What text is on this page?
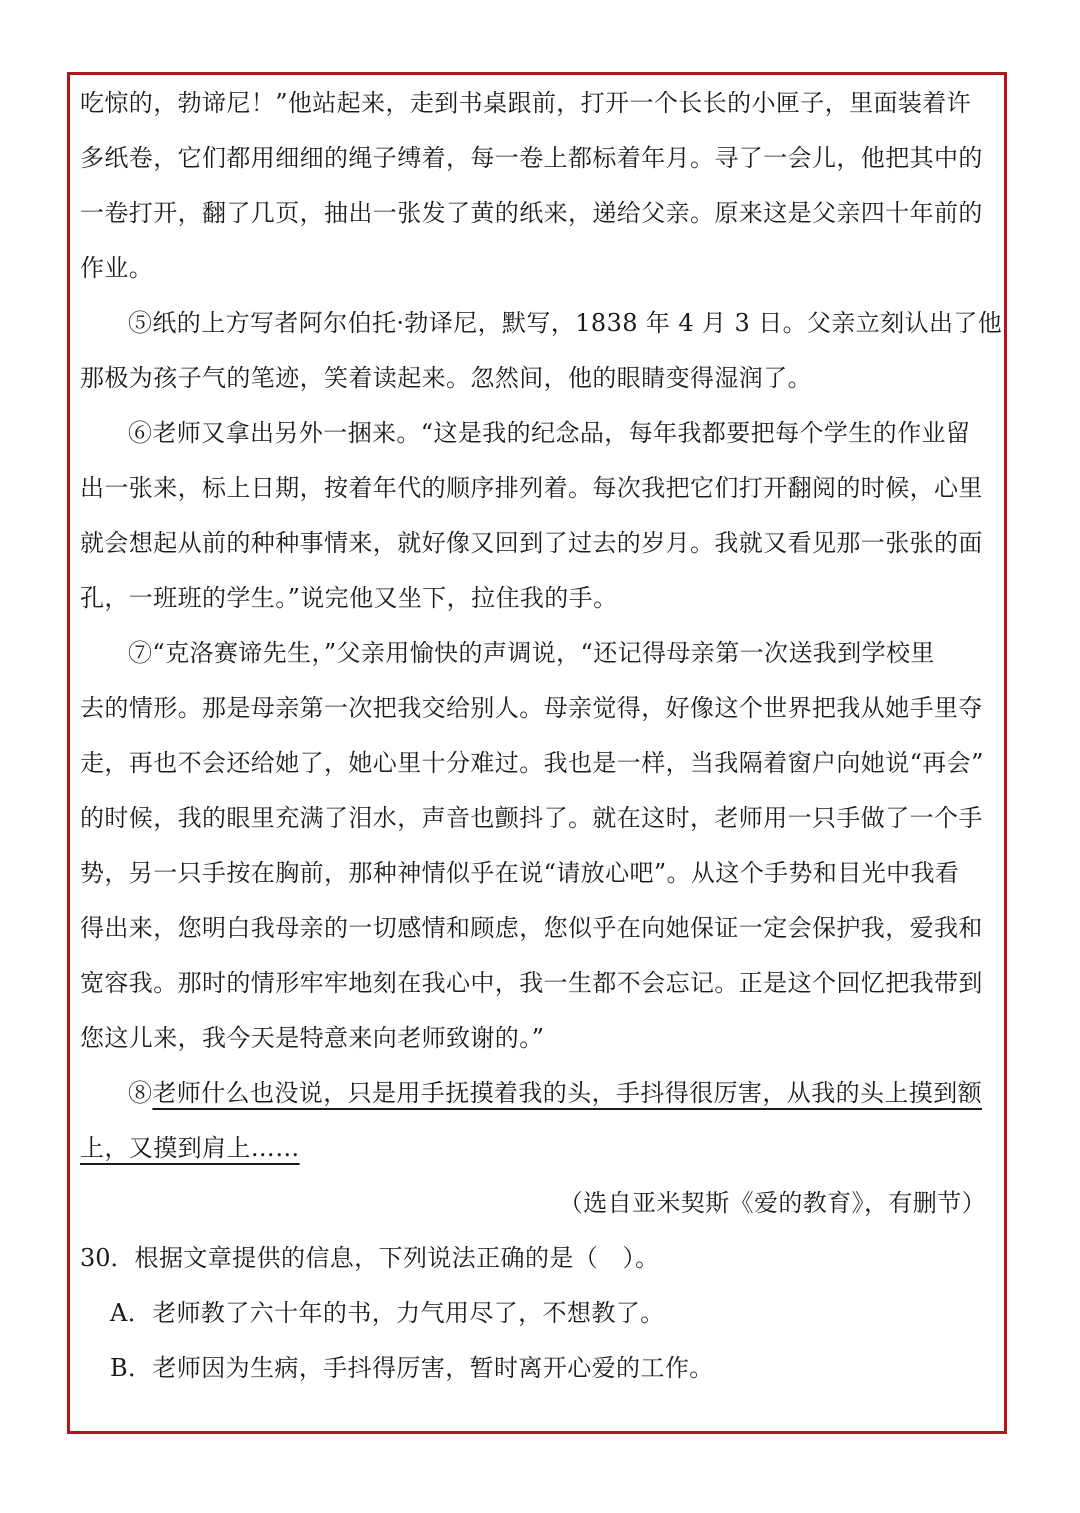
吃惊的，勃谛尼！”他站起来，走到书桌跟前，打开一个长长的小匣子，里面装着许
多纸卷，它们都用细细的绳子缚着，每一卷上都标着年月。寻了一会儿，他把其中的
一卷打开，翻了几页，抽出一张发了黄的纸来，递给父亲。原来这是父亲四十年前的
作业。
⑤纸的上方写者阿尔伯托·勃译尼，默写，1838 年 4 月 3 日。父亲立刻认出了他
那极为孩子气的笔迹，笑着读起来。忽然间，他的眼睛变得湿润了。
⑥老师又拿出另外一捆来。“这是我的纪念品，每年我都要把每个学生的作业留
出一张来，标上日期，按着年代的顺序排列着。每次我把它们打开翻阅的时候，心里
就会想起从前的种种事情来，就好像又回到了过去的岁月。我就又看见那一张张的面
孔，一班班的学生。”说完他又坐下，拉住我的手。
⑦“克洛赛谛先生，”父亲用愉快的声调说，“还记得母亲第一次送我到学校里
去的情形。那是母亲第一次把我交给别人。母亲觉得，好像这个世界把我从她手里夺
走，再也不会还给她了，她心里十分难过。我也是一样，当我隔着窗户向她说“再会”
的时候，我的眼里充满了泪水，声音也颤抖了。就在这时，老师用一只手做了一个手
势，另一只手按在胸前，那种神情似乎在说“请放心吧”。从这个手势和目光中我看
得出来，您明白我母亲的一切感情和顾虑，您似乎在向她保证一定会保护我，爱我和
宽容我。那时的情形牢牢地刻在我心中，我一生都不会忘记。正是这个回忆把我带到
您这儿来，我今天是特意来向老师致谢的。”
⑧老师什么也没说，只是用手抚摸着我的头，手抖得很厉害，从我的头上摸到额
上，又摸到肩上……
（选自亚米契斯《爱的教育》，有删节）
30．根据文章提供的信息，下列说法正确的是（　）。
A．老师教了六十年的书，力气用尽了，不想教了。
B．老师因为生病，手抖得厉害，暂时离开心爱的工作。
